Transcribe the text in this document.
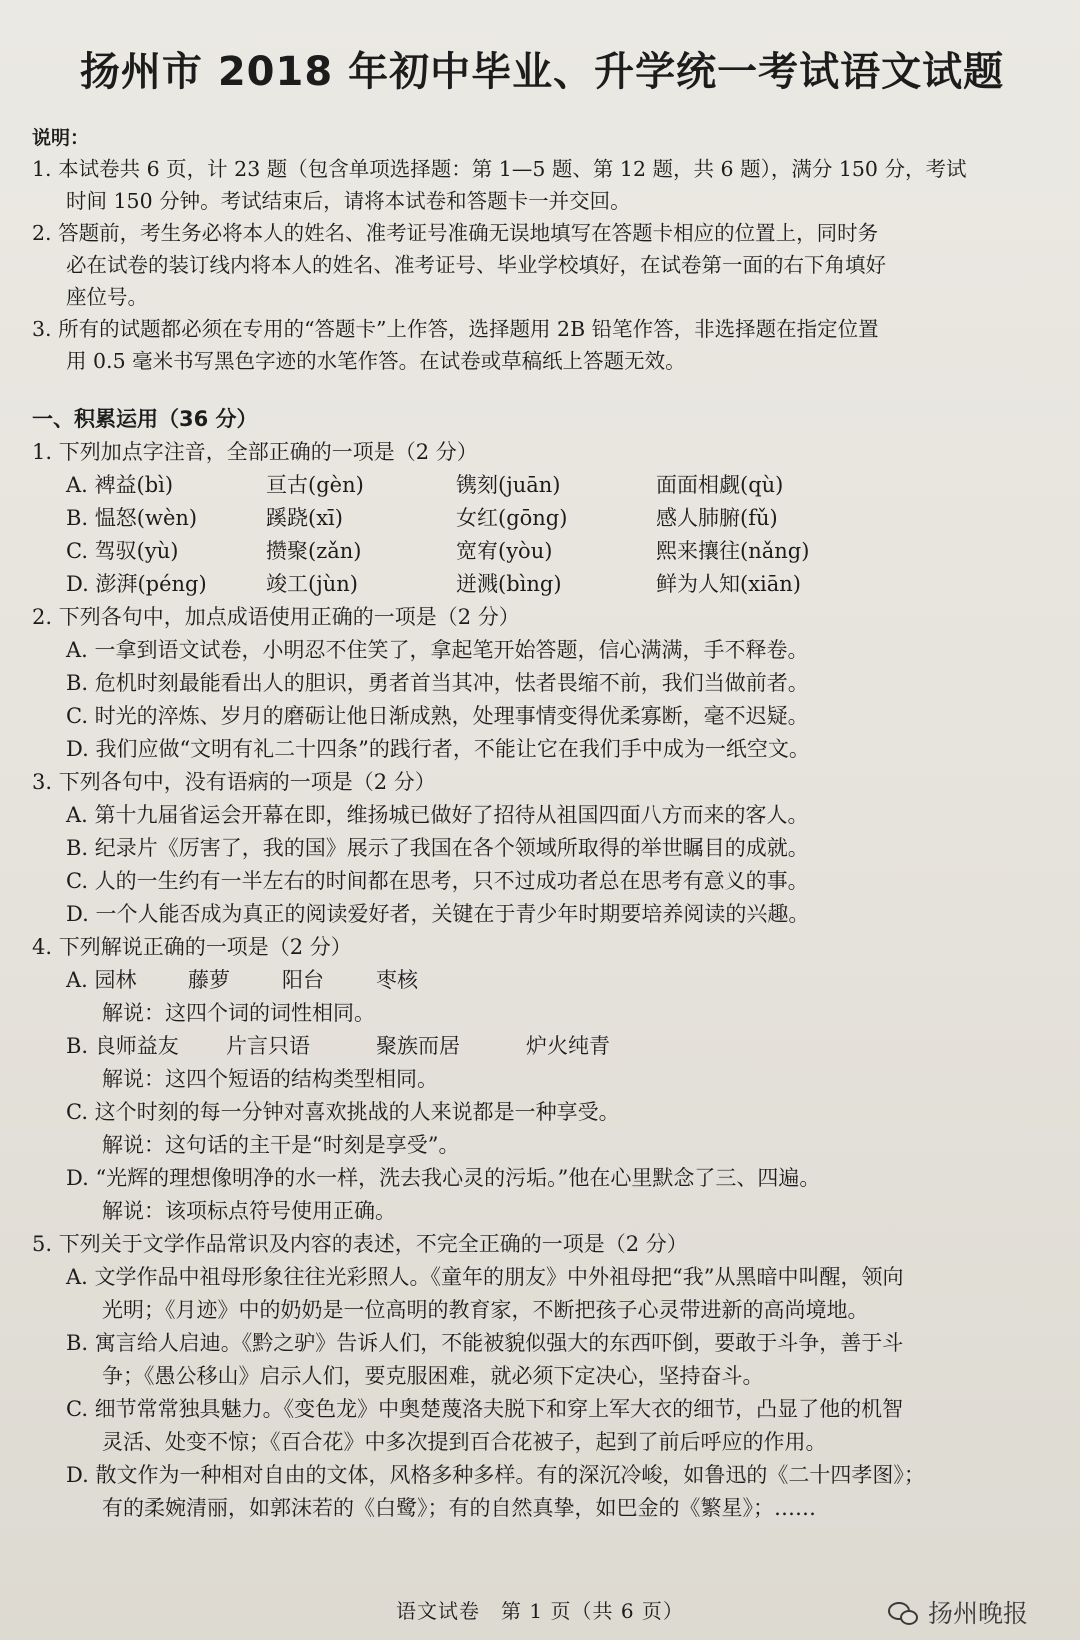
扬州市 2018 年初中毕业、升学统一考试语文试题
说明：
1. 本试卷共 6 页，计 23 题（包含单项选择题：第 1—5 题、第 12 题，共 6 题），满分 150 分，考试
时间 150 分钟。考试结束后，请将本试卷和答题卡一并交回。
2. 答题前，考生务必将本人的姓名、准考证号准确无误地填写在答题卡相应的位置上，同时务
必在试卷的装订线内将本人的姓名、准考证号、毕业学校填好，在试卷第一面的右下角填好
座位号。
3. 所有的试题都必须在专用的“答题卡”上作答，选择题用 2B 铅笔作答，非选择题在指定位置
用 0.5 毫米书写黑色字迹的水笔作答。在试卷或草稿纸上答题无效。
一、积累运用（36 分）
1. 下列加点字注音，全部正确的一项是（2 分）
A. 裨益(bì)	亘古(gèn)	镌刻(juān)	面面相觑(qù)
B. 愠怒(wèn)	蹊跷(xī)	女红(gōng)	感人肺腑(fǔ)
C. 驾驭(yù)	攒聚(zǎn)	宽宥(yòu)	熙来攘往(nǎng)
D. 澎湃(péng)	竣工(jùn)	迸溅(bìng)	鲜为人知(xiān)
2. 下列各句中，加点成语使用正确的一项是（2 分）
A. 一拿到语文试卷，小明忍不住笑了，拿起笔开始答题，信心满满，手不释卷。
B. 危机时刻最能看出人的胆识，勇者首当其冲，怯者畏缩不前，我们当做前者。
C. 时光的淬炼、岁月的磨砺让他日渐成熟，处理事情变得优柔寡断，毫不迟疑。
D. 我们应做“文明有礼二十四条”的践行者，不能让它在我们手中成为一纸空文。
3. 下列各句中，没有语病的一项是（2 分）
A. 第十九届省运会开幕在即，维扬城已做好了招待从祖国四面八方而来的客人。
B. 纪录片《厉害了，我的国》展示了我国在各个领域所取得的举世瞩目的成就。
C. 人的一生约有一半左右的时间都在思考，只不过成功者总在思考有意义的事。
D. 一个人能否成为真正的阅读爱好者，关键在于青少年时期要培养阅读的兴趣。
4. 下列解说正确的一项是（2 分）
A. 园林	藤萝	阳台	枣核
解说：这四个词的词性相同。
B. 良师益友	片言只语	聚族而居	炉火纯青
解说：这四个短语的结构类型相同。
C. 这个时刻的每一分钟对喜欢挑战的人来说都是一种享受。
解说：这句话的主干是“时刻是享受”。
D. “光辉的理想像明净的水一样，洗去我心灵的污垢。”他在心里默念了三、四遍。
解说：该项标点符号使用正确。
5. 下列关于文学作品常识及内容的表述，不完全正确的一项是（2 分）
A. 文学作品中祖母形象往往光彩照人。《童年的朋友》中外祖母把“我”从黑暗中叫醒，领向
光明；《月迹》中的奶奶是一位高明的教育家，不断把孩子心灵带进新的高尚境地。
B. 寓言给人启迪。《黔之驴》告诉人们，不能被貌似强大的东西吓倒，要敢于斗争，善于斗
争；《愚公移山》启示人们，要克服困难，就必须下定决心，坚持奋斗。
C. 细节常常独具魅力。《变色龙》中奥楚蔑洛夫脱下和穿上军大衣的细节，凸显了他的机智
灵活、处变不惊；《百合花》中多次提到百合花被子，起到了前后呼应的作用。
D. 散文作为一种相对自由的文体，风格多种多样。有的深沉冷峻，如鲁迅的《二十四孝图》；
有的柔婉清丽，如郭沫若的《白鹭》；有的自然真挚，如巴金的《繁星》；……
语文试卷　第 1 页（共 6 页）	扬州晚报
